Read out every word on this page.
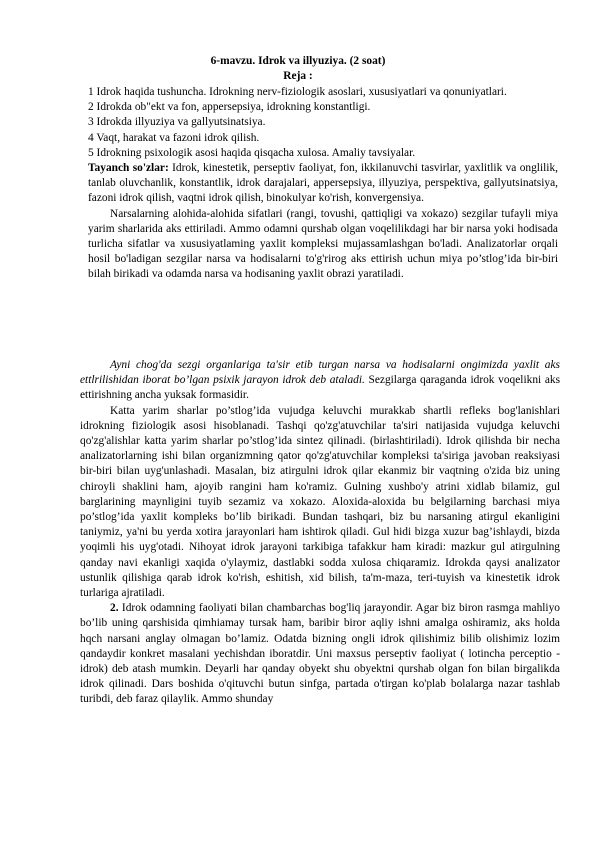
6-mavzu. Idrok va illyuziya. (2 soat)
Reja :

1 Idrok haqida tushuncha. Idrokning nerv-fiziologik asoslari, xususiyatlari va qonuniyatlari.

2 Idrokda ob"ekt va fon, appersepsiya, idrokning konstantligi.

3 Idrokda illyuziya va gallyutsinatsiya.

4 Vaqt, harakat va fazoni idrok qilish.

5 Idrokning psixologik asosi haqida qisqacha xulosa. Amaliy tavsiyalar.

Tayanch so'zlar: Idrok, kinestetik, perseptiv faoliyat, fon, ikkilanuvchi tasvirlar, yaxlitlik va onglilik, tanlab oluvchanlik, konstantlik, idrok darajalari, appersepsiya, illyuziya, perspektiva, gallyutsinatsiya, fazoni idrok qilish, vaqtni idrok qilish, binokulyar ko'rish, konvergensiya.

Narsalarning alohida-alohida sifatlari (rangi, tovushi, qattiqligi va xokazo) sezgilar tufayli miya yarim sharlarida aks ettiriladi. Ammo odamni qurshab olgan voqelilikdagi har bir narsa yoki hodisada turlicha sifatlar va xususiyatlaming yaxlit kompleksi mujassamlashgan bo'ladi. Analizatorlar orqali hosil bo'ladigan sezgilar narsa va hodisalarni to'g'rirog aks ettirish uchun miya po’stlog’ida bir-biri bilah birikadi va odamda narsa va hodisaning yaxlit obrazi yaratiladi.

Ayni chog'da sezgi organlariga ta'sir etib turgan narsa va hodisalarni ongimizda yaxlit aks ettlrilishidan iborat bo’lgan psixik jarayon idrok deb ataladi. Sezgilarga qaraganda idrok voqelikni aks ettirishning ancha yuksak formasidir.

Katta yarim sharlar po’stlog’ida vujudga keluvchi murakkab shartli refleks bog'lanishlari idrokning fiziologik asosi hisoblanadi. Tashqi qo'zg'atuvchilar ta'siri natijasida vujudga keluvchi qo'zg'alishlar katta yarim sharlar po’stlog’ida sintez qilinadi. (birlashtiriladi). Idrok qilishda bir necha analizatorlarning ishi bilan organizmning qator qo'zg'atuvchilar kompleksi ta'siriga javoban reaksiyasi bir-biri bilan uyg'unlashadi. Masalan, biz atirgulni idrok qilar ekanmiz bir vaqtning o'zida biz uning chiroyli shaklini ham, ajoyib rangini ham ko'ramiz. Gulning xushbo'y atrini xidlab bilamiz, gul barglarining maynligini tuyib sezamiz va xokazo. Aloxida-aloxida bu belgilarning barchasi miya po’stlog’ida yaxlit kompleks bo’lib birikadi. Bundan tashqari, biz bu narsaning atirgul ekanligini taniymiz, ya'ni bu yerda xotira jarayonlari ham ishtirok qiladi. Gul hidi bizga xuzur bag’ishlaydi, bizda yoqimli his uyg'otadi. Nihoyat idrok jarayoni tarkibiga tafakkur ham kiradi: mazkur gul atirgulning qanday navi ekanligi xaqida o'ylaymiz, dastlabki sodda xulosa chiqaramiz. Idrokda qaysi analizator ustunlik qilishiga qarab idrok ko'rish, eshitish, xid bilish, ta'm-maza, teri-tuyish va kinestetik idrok turlariga ajratiladi.

2. Idrok odamning faoliyati bilan chambarchas bog'liq jarayondir. Agar biz biron rasmga mahliyo bo’lib uning qarshisida qimhiamay tursak ham, baribir biror aqliy ishni amalga oshiramiz, aks holda hqch narsani anglay olmagan bo’lamiz. Odatda bizning ongli idrok qilishimiz bilib olishimiz lozim qandaydir konkret masalani yechishdan iboratdir. Uni maxsus perseptiv faoliyat ( lotincha perceptio - idrok) deb atash mumkin. Deyarli har qanday obyekt shu obyektni qurshab olgan fon bilan birgalikda idrok qilinadi. Dars boshida o'qituvchi butun sinfga, partada o'tirgan ko'plab bolalarga nazar tashlab turibdi, deb faraz qilaylik. Ammo shunday
